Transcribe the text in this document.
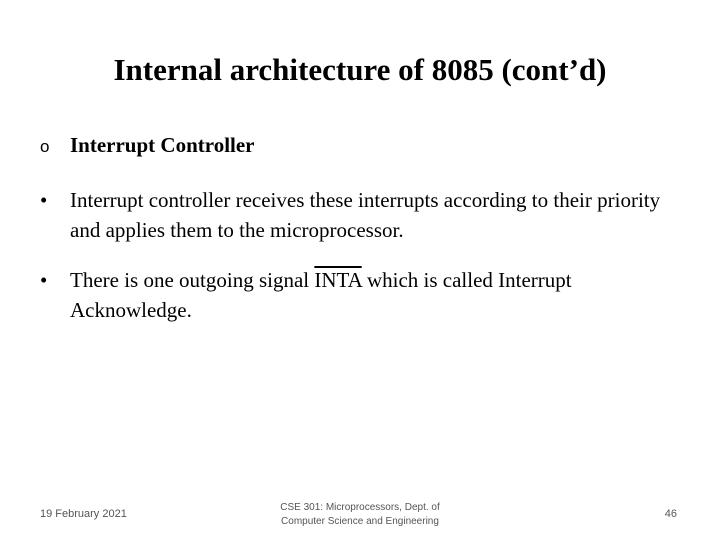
Internal architecture of 8085 (cont’d)
o Interrupt Controller
•	Interrupt controller receives these interrupts according to their priority and applies them to the microprocessor.
•	There is one outgoing signal INTA which is called Interrupt Acknowledge.
19 February 2021
CSE 301: Microprocessors, Dept. of
Computer Science and Engineering
46
